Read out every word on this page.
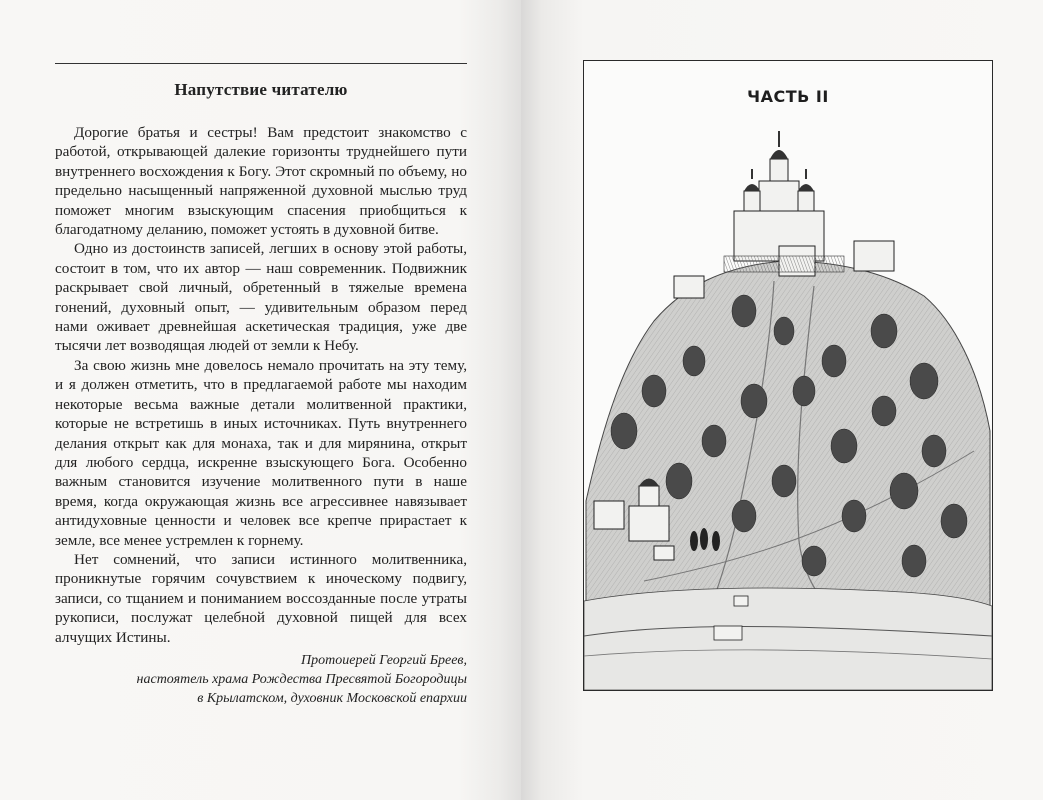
Напутствие читателю

Дорогие братья и сестры! Вам предстоит знакомство с работой, открывающей далекие горизонты труднейшего пути внутреннего восхождения к Богу. Этот скромный по объему, но предельно насыщенный напряженной духовной мыслью труд поможет многим взыскующим спасения приобщиться к благодатному деланию, поможет устоять в духовной битве.

Одно из достоинств записей, легших в основу этой работы, состоит в том, что их автор — наш современник. Подвижник раскрывает свой личный, обретенный в тяжелые времена гонений, духовный опыт, — удивительным образом перед нами оживает древнейшая аскетическая традиция, уже две тысячи лет возводящая людей от земли к Небу.

За свою жизнь мне довелось немало прочитать на эту тему, и я должен отметить, что в предлагаемой работе мы находим некоторые весьма важные детали молитвенной практики, которые не встретишь в иных источниках. Путь внутреннего делания открыт как для монаха, так и для мирянина, открыт для любого сердца, искренне взыскующего Бога. Особенно важным становится изучение молитвенного пути в наше время, когда окружающая жизнь все агрессивнее навязывает антидуховные ценности и человек все крепче прирастает к земле, все менее устремлен к горнему.

Нет сомнений, что записи истинного молитвенника, проникнутые горячим сочувствием к иноческому подвигу, записи, со тщанием и пониманием воссозданные после утраты рукописи, послужат целебной духовной пищей для всех алчущих Истины.

Протоиерей Георгий Бреев,
настоятель храма Рождества Пресвятой Богородицы
в Крылатском, духовник Московской епархии
ЧАСТЬ II
